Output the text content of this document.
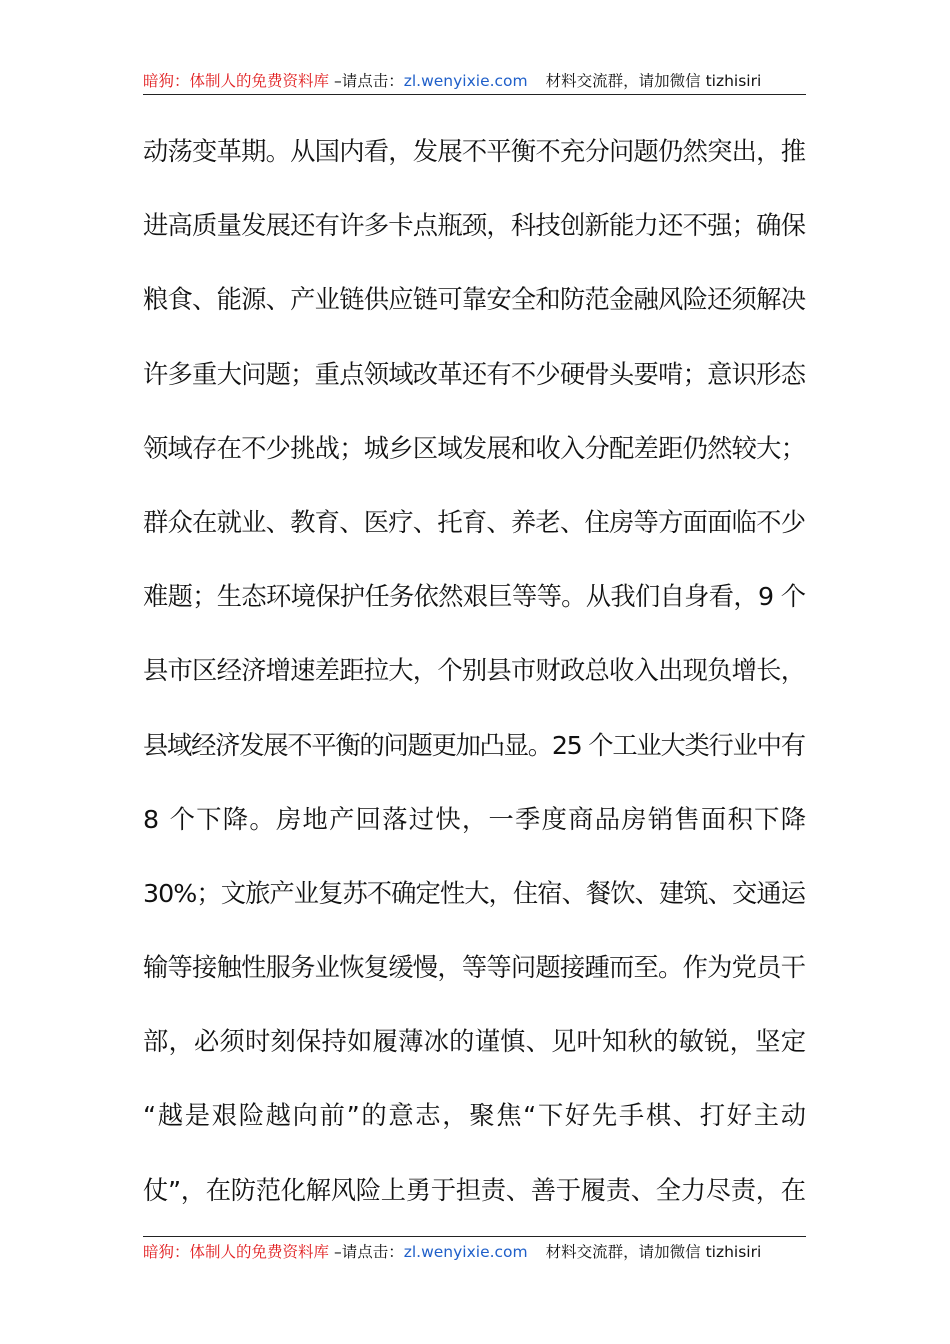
暗狗：体制人的免费资料库 –请点击：zl.wenyixie.com 材料交流群，请加微信 tizhisiri
动荡变革期。从国内看，发展不平衡不充分问题仍然突出，推
进高质量发展还有许多卡点瓶颈，科技创新能力还不强；确保
粮食、能源、产业链供应链可靠安全和防范金融风险还须解决
许多重大问题；重点领域改革还有不少硬骨头要啃；意识形态
领域存在不少挑战；城乡区域发展和收入分配差距仍然较大；
群众在就业、教育、医疗、托育、养老、住房等方面面临不少
难题；生态环境保护任务依然艰巨等等。从我们自身看，9 个
县市区经济增速差距拉大，个别县市财政总收入出现负增长，
县域经济发展不平衡的问题更加凸显。25 个工业大类行业中有
8 个下降。房地产回落过快，一季度商品房销售面积下降
30%；文旅产业复苏不确定性大，住宿、餐饮、建筑、交通运
输等接触性服务业恢复缓慢，等等问题接踵而至。作为党员干
部，必须时刻保持如履薄冰的谨慎、见叶知秋的敏锐，坚定
“越是艰险越向前”的意志，聚焦“下好先手棋、打好主动
仗”，在防范化解风险上勇于担责、善于履责、全力尽责，在
暗狗：体制人的免费资料库 –请点击：zl.wenyixie.com 材料交流群，请加微信 tizhisiri
